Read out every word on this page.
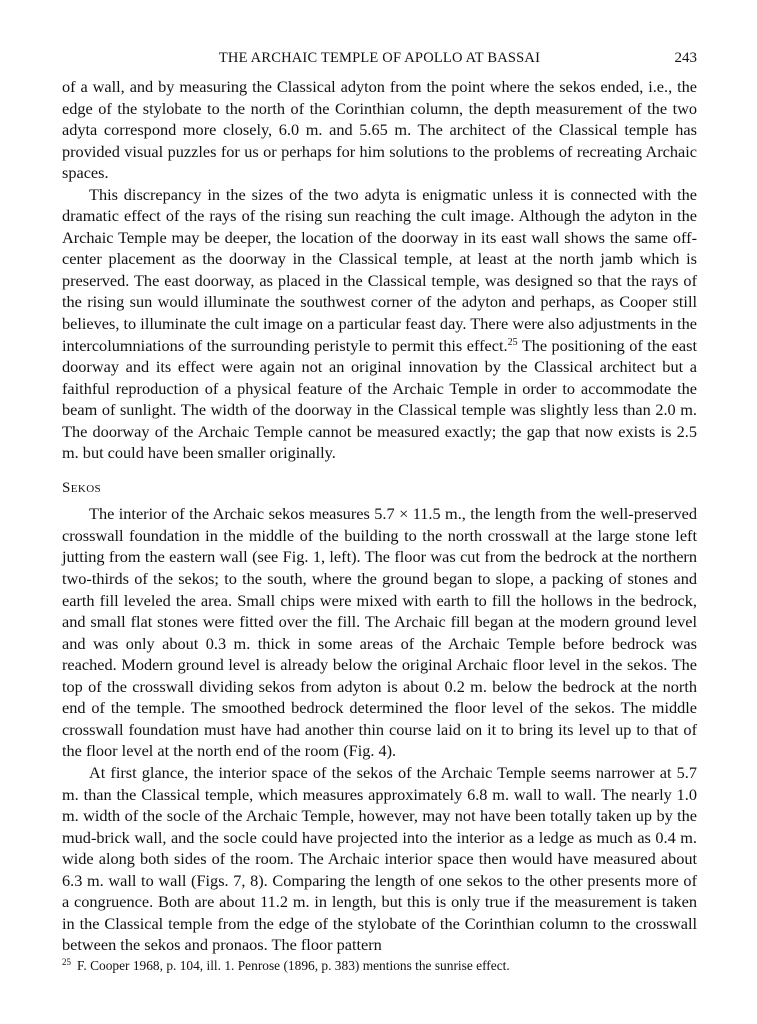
THE ARCHAIC TEMPLE OF APOLLO AT BASSAI	243

of a wall, and by measuring the Classical adyton from the point where the sekos ended, i.e., the edge of the stylobate to the north of the Corinthian column, the depth measurement of the two adyta correspond more closely, 6.0 m. and 5.65 m. The architect of the Classical temple has provided visual puzzles for us or perhaps for him solutions to the problems of recreating Archaic spaces.

This discrepancy in the sizes of the two adyta is enigmatic unless it is connected with the dramatic effect of the rays of the rising sun reaching the cult image. Although the adyton in the Archaic Temple may be deeper, the location of the doorway in its east wall shows the same off-center placement as the doorway in the Classical temple, at least at the north jamb which is preserved. The east doorway, as placed in the Classical temple, was designed so that the rays of the rising sun would illuminate the southwest corner of the adyton and perhaps, as Cooper still believes, to illuminate the cult image on a particular feast day. There were also adjustments in the intercolumniations of the surrounding peristyle to permit this effect.$^{25}$ The positioning of the east doorway and its effect were again not an original innovation by the Classical architect but a faithful reproduction of a physical feature of the Archaic Temple in order to accommodate the beam of sunlight. The width of the doorway in the Classical temple was slightly less than 2.0 m. The doorway of the Archaic Temple cannot be measured exactly; the gap that now exists is 2.5 m. but could have been smaller originally.

Sekos

The interior of the Archaic sekos measures 5.7 × 11.5 m., the length from the well-preserved crosswall foundation in the middle of the building to the north crosswall at the large stone left jutting from the eastern wall (see Fig. 1, left). The floor was cut from the bedrock at the northern two-thirds of the sekos; to the south, where the ground began to slope, a packing of stones and earth fill leveled the area. Small chips were mixed with earth to fill the hollows in the bedrock, and small flat stones were fitted over the fill. The Archaic fill began at the modern ground level and was only about 0.3 m. thick in some areas of the Archaic Temple before bedrock was reached. Modern ground level is already below the original Archaic floor level in the sekos. The top of the crosswall dividing sekos from adyton is about 0.2 m. below the bedrock at the north end of the temple. The smoothed bedrock determined the floor level of the sekos. The middle crosswall foundation must have had another thin course laid on it to bring its level up to that of the floor level at the north end of the room (Fig. 4).

At first glance, the interior space of the sekos of the Archaic Temple seems narrower at 5.7 m. than the Classical temple, which measures approximately 6.8 m. wall to wall. The nearly 1.0 m. width of the socle of the Archaic Temple, however, may not have been totally taken up by the mud-brick wall, and the socle could have projected into the interior as a ledge as much as 0.4 m. wide along both sides of the room. The Archaic interior space then would have measured about 6.3 m. wall to wall (Figs. 7, 8). Comparing the length of one sekos to the other presents more of a congruence. Both are about 11.2 m. in length, but this is only true if the measurement is taken in the Classical temple from the edge of the stylobate of the Corinthian column to the crosswall between the sekos and pronaos. The floor pattern

$^{25}$ F. Cooper 1968, p. 104, ill. 1. Penrose (1896, p. 383) mentions the sunrise effect.
